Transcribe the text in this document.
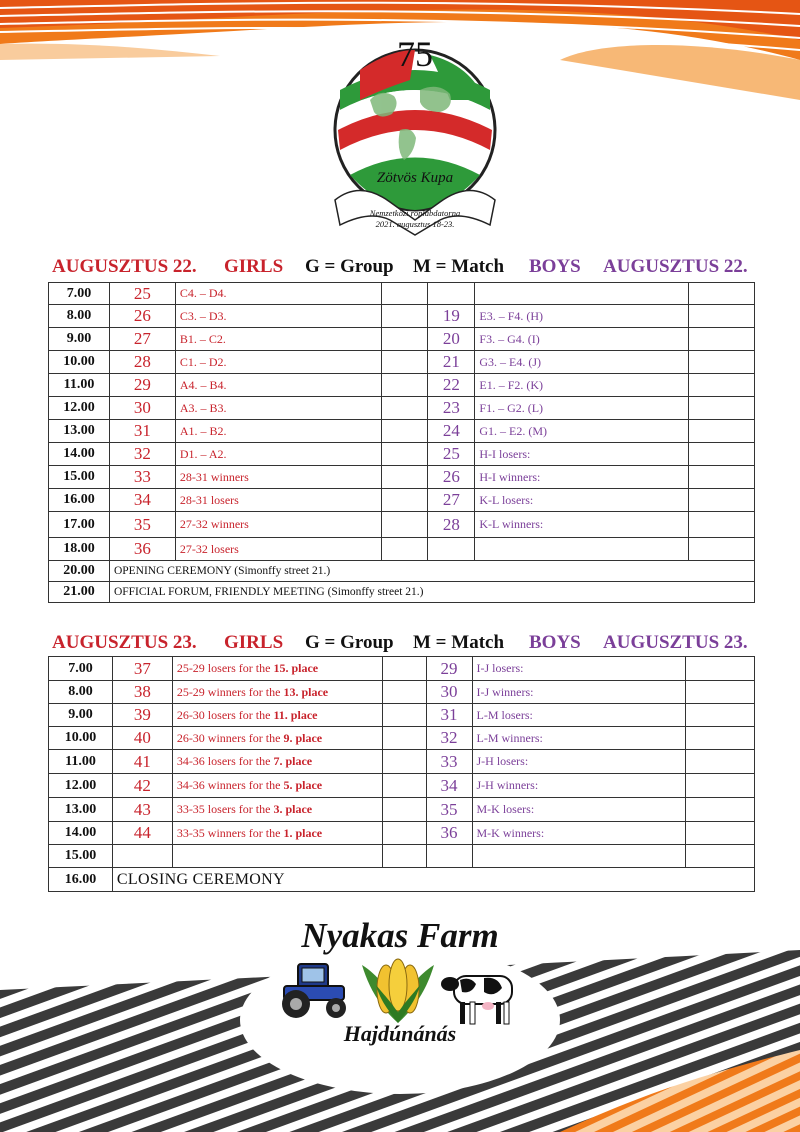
75
Zötvös Kupa
Nemzetközi röplabdatorna
2021. augusztus 18-23.
AUGUSZTUS 22. GIRLS G = Group M = Match BOYS AUGUSZTUS 22.
7.00	25	C4. – D4.				
8.00	26	C3. – D3.		19	E3. – F4. (H)	
9.00	27	B1. – C2.		20	F3. – G4. (I)	
10.00	28	C1. – D2.		21	G3. – E4. (J)	
11.00	29	A4. – B4.		22	E1. – F2. (K)	
12.00	30	A3. – B3.		23	F1. – G2. (L)	
13.00	31	A1. – B2.		24	G1. – E2. (M)	
14.00	32	D1. – A2.		25	H-I losers:	
15.00	33	28-31 winners		26	H-I winners:	
16.00	34	28-31 losers		27	K-L losers:	
17.00	35	27-32 winners		28	K-L winners:	
18.00	36	27-32 losers				
20.00	OPENING CEREMONY (Simonffy street 21.)					
21.00	OFFICIAL FORUM, FRIENDLY MEETING (Simonffy street 21.)					
AUGUSZTUS 23. GIRLS G = Group M = Match BOYS AUGUSZTUS 23.
7.00	37	25-29 losers for the 15. place		29	I-J losers:	
8.00	38	25-29 winners for the 13. place		30	I-J winners:	
9.00	39	26-30 losers for the 11. place		31	L-M losers:	
10.00	40	26-30 winners for the 9. place		32	L-M winners:	
11.00	41	34-36 losers for the 7. place		33	J-H losers:	
12.00	42	34-36 winners for the 5. place		34	J-H winners:	
13.00	43	33-35 losers for the 3. place		35	M-K losers:	
14.00	44	33-35 winners for the 1. place		36	M-K winners:	
15.00						
16.00	CLOSING CEREMONY					
Nyakas Farm
Hajdúnánás
